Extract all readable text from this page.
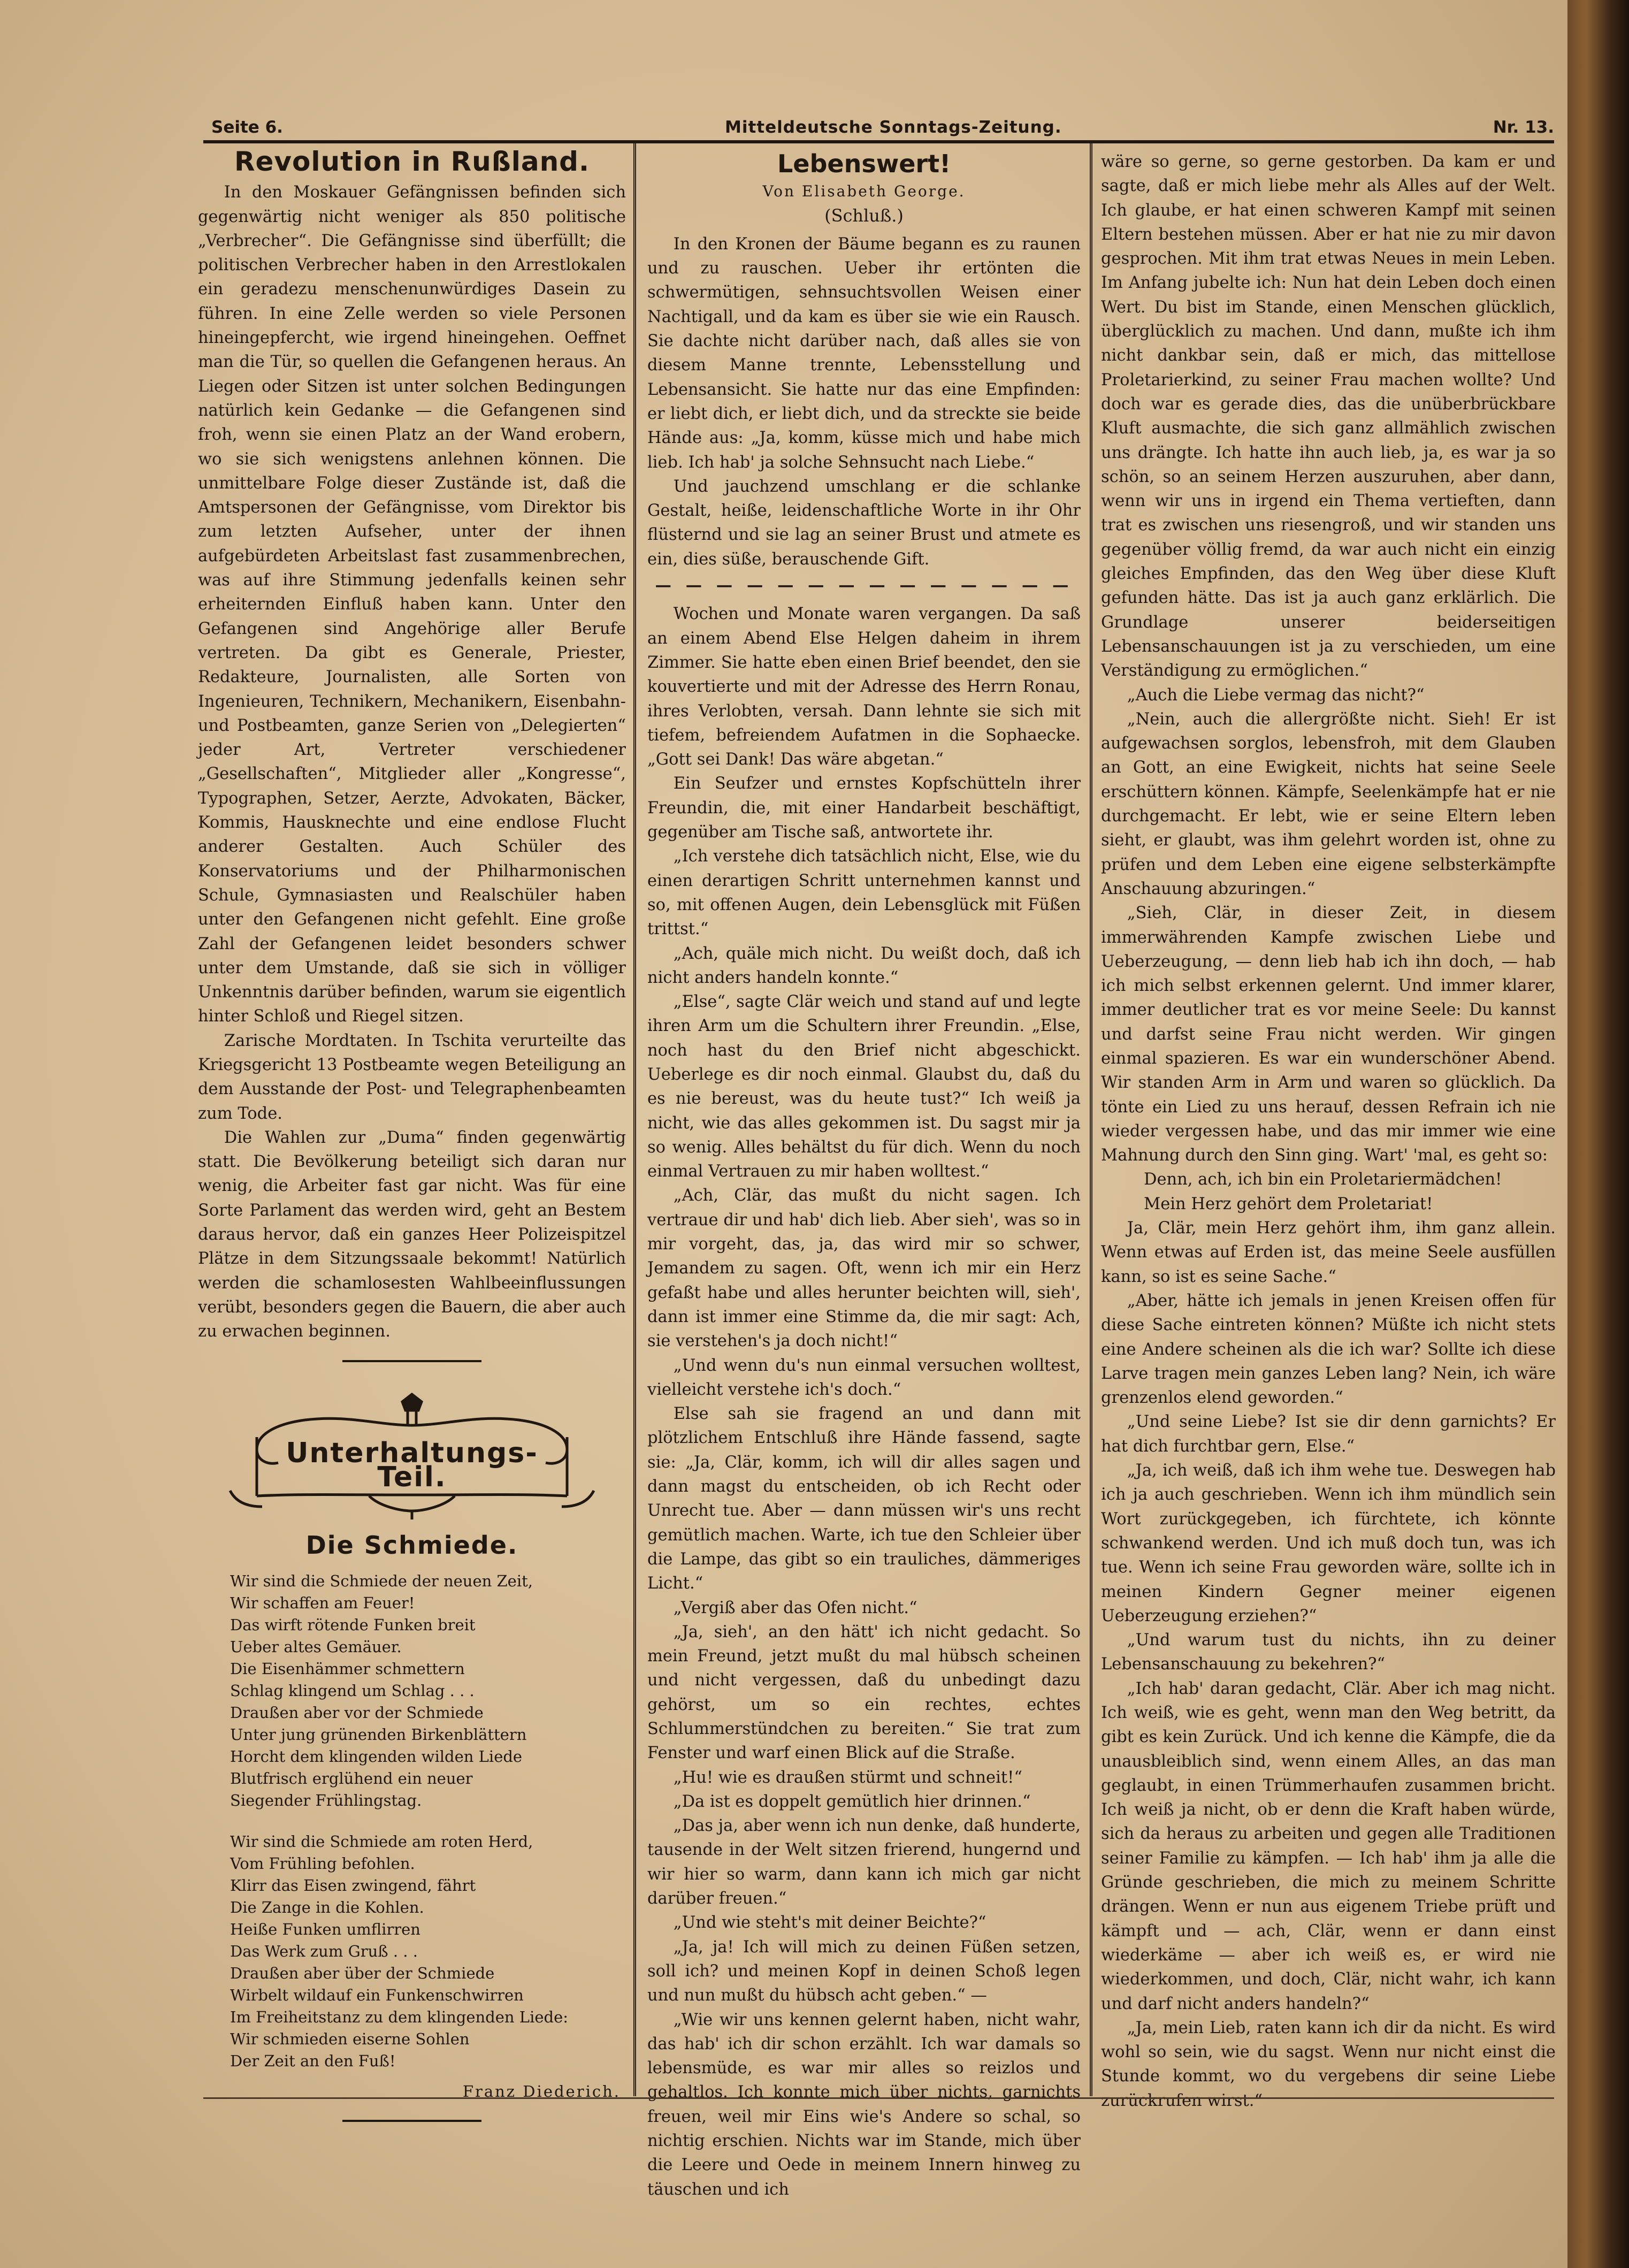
Seite 6.	Mitteldeutsche Sonntags-Zeitung.	Nr. 13.
Revolution in Rußland.

In den Moskauer Gefängnissen befinden sich gegenwärtig nicht weniger als 850 politische „Verbrecher“. Die Gefängnisse sind überfüllt; die politischen Verbrecher haben in den Arrestlokalen ein geradezu menschenunwürdiges Dasein zu führen. In eine Zelle werden so viele Personen hineingepfercht, wie irgend hineingehen. Oeffnet man die Tür, so quellen die Gefangenen heraus. An Liegen oder Sitzen ist unter solchen Bedingungen natürlich kein Gedanke — die Gefangenen sind froh, wenn sie einen Platz an der Wand erobern, wo sie sich wenigstens anlehnen können. Die unmittelbare Folge dieser Zustände ist, daß die Amtspersonen der Gefängnisse, vom Direktor bis zum letzten Aufseher, unter der ihnen aufgebürdeten Arbeitslast fast zusammenbrechen, was auf ihre Stimmung jedenfalls keinen sehr erheiternden Einfluß haben kann. Unter den Gefangenen sind Angehörige aller Berufe vertreten. Da gibt es Generale, Priester, Redakteure, Journalisten, alle Sorten von Ingenieuren, Technikern, Mechanikern, Eisenbahn- und Postbeamten, ganze Serien von „Delegierten“ jeder Art, Vertreter verschiedener „Gesellschaften“, Mitglieder aller „Kongresse“, Typographen, Setzer, Aerzte, Advokaten, Bäcker, Kommis, Hausknechte und eine endlose Flucht anderer Gestalten. Auch Schüler des Konservatoriums und der Philharmonischen Schule, Gymnasiasten und Realschüler haben unter den Gefangenen nicht gefehlt. Eine große Zahl der Gefangenen leidet besonders schwer unter dem Umstande, daß sie sich in völliger Unkenntnis darüber befinden, warum sie eigentlich hinter Schloß und Riegel sitzen.

Zarische Mordtaten. In Tschita verurteilte das Kriegsgericht 13 Postbeamte wegen Beteiligung an dem Ausstande der Post- und Telegraphenbeamten zum Tode.

Die Wahlen zur „Duma“ finden gegenwärtig statt. Die Bevölkerung beteiligt sich daran nur wenig, die Arbeiter fast gar nicht. Was für eine Sorte Parlament das werden wird, geht an Bestem daraus hervor, daß ein ganzes Heer Polizeispitzel Plätze in dem Sitzungssaale bekommt! Natürlich werden die schamlosesten Wahlbeeinflussungen verübt, besonders gegen die Bauern, die aber auch zu erwachen beginnen.

Unterhaltungs-Teil.
Die Schmiede.
Wir sind die Schmiede der neuen Zeit,
Wir schaffen am Feuer!
Das wirft rötende Funken breit
Ueber altes Gemäuer.
Die Eisenhämmer schmettern
Schlag klingend um Schlag . . .
Draußen aber vor der Schmiede
Unter jung grünenden Birkenblättern
Horcht dem klingenden wilden Liede
Blutfrisch erglühend ein neuer
Siegender Frühlingstag.
Wir sind die Schmiede am roten Herd,
Vom Frühling befohlen.
Klirr das Eisen zwingend, fährt
Die Zange in die Kohlen.
Heiße Funken umflirren
Das Werk zum Gruß . . .
Draußen aber über der Schmiede
Wirbelt wildauf ein Funkenschwirren
Im Freiheitstanz zu dem klingenden Liede:
Wir schmieden eiserne Sohlen
Der Zeit an den Fuß!
Franz Diederich.
Lebenswert!
Von Elisabeth George.
(Schluß.)

In den Kronen der Bäume begann es zu raunen und zu rauschen. Ueber ihr ertönten die schwermütigen, sehnsuchtsvollen Weisen einer Nachtigall, und da kam es über sie wie ein Rausch. Sie dachte nicht darüber nach, daß alles sie von diesem Manne trennte, Lebensstellung und Lebensansicht. Sie hatte nur das eine Empfinden: er liebt dich, er liebt dich, und da streckte sie beide Hände aus: „Ja, komm, küsse mich und habe mich lieb. Ich hab' ja solche Sehnsucht nach Liebe.“

Und jauchzend umschlang er die schlanke Gestalt, heiße, leidenschaftliche Worte in ihr Ohr flüsternd und sie lag an seiner Brust und atmete es ein, dies süße, berauschende Gift.

— — — — — — — — — — — — — —

Wochen und Monate waren vergangen. Da saß an einem Abend Else Helgen daheim in ihrem Zimmer. Sie hatte eben einen Brief beendet, den sie kouvertierte und mit der Adresse des Herrn Ronau, ihres Verlobten, versah. Dann lehnte sie sich mit tiefem, befreiendem Aufatmen in die Sophaecke. „Gott sei Dank! Das wäre abgetan.“

Ein Seufzer und ernstes Kopfschütteln ihrer Freundin, die, mit einer Handarbeit beschäftigt, gegenüber am Tische saß, antwortete ihr.

„Ich verstehe dich tatsächlich nicht, Else, wie du einen derartigen Schritt unternehmen kannst und so, mit offenen Augen, dein Lebensglück mit Füßen trittst.“

„Ach, quäle mich nicht. Du weißt doch, daß ich nicht anders handeln konnte.“

„Else“, sagte Clär weich und stand auf und legte ihren Arm um die Schultern ihrer Freundin. „Else, noch hast du den Brief nicht abgeschickt. Ueberlege es dir noch einmal. Glaubst du, daß du es nie bereust, was du heute tust?“ Ich weiß ja nicht, wie das alles gekommen ist. Du sagst mir ja so wenig. Alles behältst du für dich. Wenn du noch einmal Vertrauen zu mir haben wolltest.“

„Ach, Clär, das mußt du nicht sagen. Ich vertraue dir und hab' dich lieb. Aber sieh', was so in mir vorgeht, das, ja, das wird mir so schwer, Jemandem zu sagen. Oft, wenn ich mir ein Herz gefaßt habe und alles herunter beichten will, sieh', dann ist immer eine Stimme da, die mir sagt: Ach, sie verstehen's ja doch nicht!“

„Und wenn du's nun einmal versuchen wolltest, vielleicht verstehe ich's doch.“

Else sah sie fragend an und dann mit plötzlichem Entschluß ihre Hände fassend, sagte sie: „Ja, Clär, komm, ich will dir alles sagen und dann magst du entscheiden, ob ich Recht oder Unrecht tue. Aber — dann müssen wir's uns recht gemütlich machen. Warte, ich tue den Schleier über die Lampe, das gibt so ein trauliches, dämmeriges Licht.“

„Vergiß aber das Ofen nicht.“

„Ja, sieh', an den hätt' ich nicht gedacht. So mein Freund, jetzt mußt du mal hübsch scheinen und nicht vergessen, daß du unbedingt dazu gehörst, um so ein rechtes, echtes Schlummerstündchen zu bereiten.“ Sie trat zum Fenster und warf einen Blick auf die Straße.

„Hu! wie es draußen stürmt und schneit!“

„Da ist es doppelt gemütlich hier drinnen.“

„Das ja, aber wenn ich nun denke, daß hunderte, tausende in der Welt sitzen frierend, hungernd und wir hier so warm, dann kann ich mich gar nicht darüber freuen.“

„Und wie steht's mit deiner Beichte?“

„Ja, ja! Ich will mich zu deinen Füßen setzen, soll ich? und meinen Kopf in deinen Schoß legen und nun mußt du hübsch acht geben.“ —

„Wie wir uns kennen gelernt haben, nicht wahr, das hab' ich dir schon erzählt. Ich war damals so lebensmüde, es war mir alles so reizlos und gehaltlos. Ich konnte mich über nichts, garnichts freuen, weil mir Eins wie's Andere so schal, so nichtig erschien. Nichts war im Stande, mich über die Leere und Oede in meinem Innern hinweg zu täuschen und ich

wäre so gerne, so gerne gestorben. Da kam er und sagte, daß er mich liebe mehr als Alles auf der Welt. Ich glaube, er hat einen schweren Kampf mit seinen Eltern bestehen müssen. Aber er hat nie zu mir davon gesprochen. Mit ihm trat etwas Neues in mein Leben. Im Anfang jubelte ich: Nun hat dein Leben doch einen Wert. Du bist im Stande, einen Menschen glücklich, überglücklich zu machen. Und dann, mußte ich ihm nicht dankbar sein, daß er mich, das mittellose Proletarierkind, zu seiner Frau machen wollte? Und doch war es gerade dies, das die unüberbrückbare Kluft ausmachte, die sich ganz allmählich zwischen uns drängte. Ich hatte ihn auch lieb, ja, es war ja so schön, so an seinem Herzen auszuruhen, aber dann, wenn wir uns in irgend ein Thema vertieften, dann trat es zwischen uns riesengroß, und wir standen uns gegenüber völlig fremd, da war auch nicht ein einzig gleiches Empfinden, das den Weg über diese Kluft gefunden hätte. Das ist ja auch ganz erklärlich. Die Grundlage unserer beiderseitigen Lebensanschauungen ist ja zu verschieden, um eine Verständigung zu ermöglichen.“

„Auch die Liebe vermag das nicht?“

„Nein, auch die allergrößte nicht. Sieh! Er ist aufgewachsen sorglos, lebensfroh, mit dem Glauben an Gott, an eine Ewigkeit, nichts hat seine Seele erschüttern können. Kämpfe, Seelenkämpfe hat er nie durchgemacht. Er lebt, wie er seine Eltern leben sieht, er glaubt, was ihm gelehrt worden ist, ohne zu prüfen und dem Leben eine eigene selbsterkämpfte Anschauung abzuringen.“

„Sieh, Clär, in dieser Zeit, in diesem immerwährenden Kampfe zwischen Liebe und Ueberzeugung, — denn lieb hab ich ihn doch, — hab ich mich selbst erkennen gelernt. Und immer klarer, immer deutlicher trat es vor meine Seele: Du kannst und darfst seine Frau nicht werden. Wir gingen einmal spazieren. Es war ein wunderschöner Abend. Wir standen Arm in Arm und waren so glücklich. Da tönte ein Lied zu uns herauf, dessen Refrain ich nie wieder vergessen habe, und das mir immer wie eine Mahnung durch den Sinn ging. Wart' 'mal, es geht so:

Denn, ach, ich bin ein Proletariermädchen!
Mein Herz gehört dem Proletariat!

Ja, Clär, mein Herz gehört ihm, ihm ganz allein. Wenn etwas auf Erden ist, das meine Seele ausfüllen kann, so ist es seine Sache.“

„Aber, hätte ich jemals in jenen Kreisen offen für diese Sache eintreten können? Müßte ich nicht stets eine Andere scheinen als die ich war? Sollte ich diese Larve tragen mein ganzes Leben lang? Nein, ich wäre grenzenlos elend geworden.“

„Und seine Liebe? Ist sie dir denn garnichts? Er hat dich furchtbar gern, Else.“

„Ja, ich weiß, daß ich ihm wehe tue. Deswegen hab ich ja auch geschrieben. Wenn ich ihm mündlich sein Wort zurückgegeben, ich fürchtete, ich könnte schwankend werden. Und ich muß doch tun, was ich tue. Wenn ich seine Frau geworden wäre, sollte ich in meinen Kindern Gegner meiner eigenen Ueberzeugung erziehen?“

„Und warum tust du nichts, ihn zu deiner Lebensanschauung zu bekehren?“

„Ich hab' daran gedacht, Clär. Aber ich mag nicht. Ich weiß, wie es geht, wenn man den Weg betritt, da gibt es kein Zurück. Und ich kenne die Kämpfe, die da unausbleiblich sind, wenn einem Alles, an das man geglaubt, in einen Trümmerhaufen zusammen bricht. Ich weiß ja nicht, ob er denn die Kraft haben würde, sich da heraus zu arbeiten und gegen alle Traditionen seiner Familie zu kämpfen. — Ich hab' ihm ja alle die Gründe geschrieben, die mich zu meinem Schritte drängen. Wenn er nun aus eigenem Triebe prüft und kämpft und — ach, Clär, wenn er dann einst wiederkäme — aber ich weiß es, er wird nie wiederkommen, und doch, Clär, nicht wahr, ich kann und darf nicht anders handeln?“

„Ja, mein Lieb, raten kann ich dir da nicht. Es wird wohl so sein, wie du sagst. Wenn nur nicht einst die Stunde kommt, wo du vergebens dir seine Liebe zurückrufen wirst.“
